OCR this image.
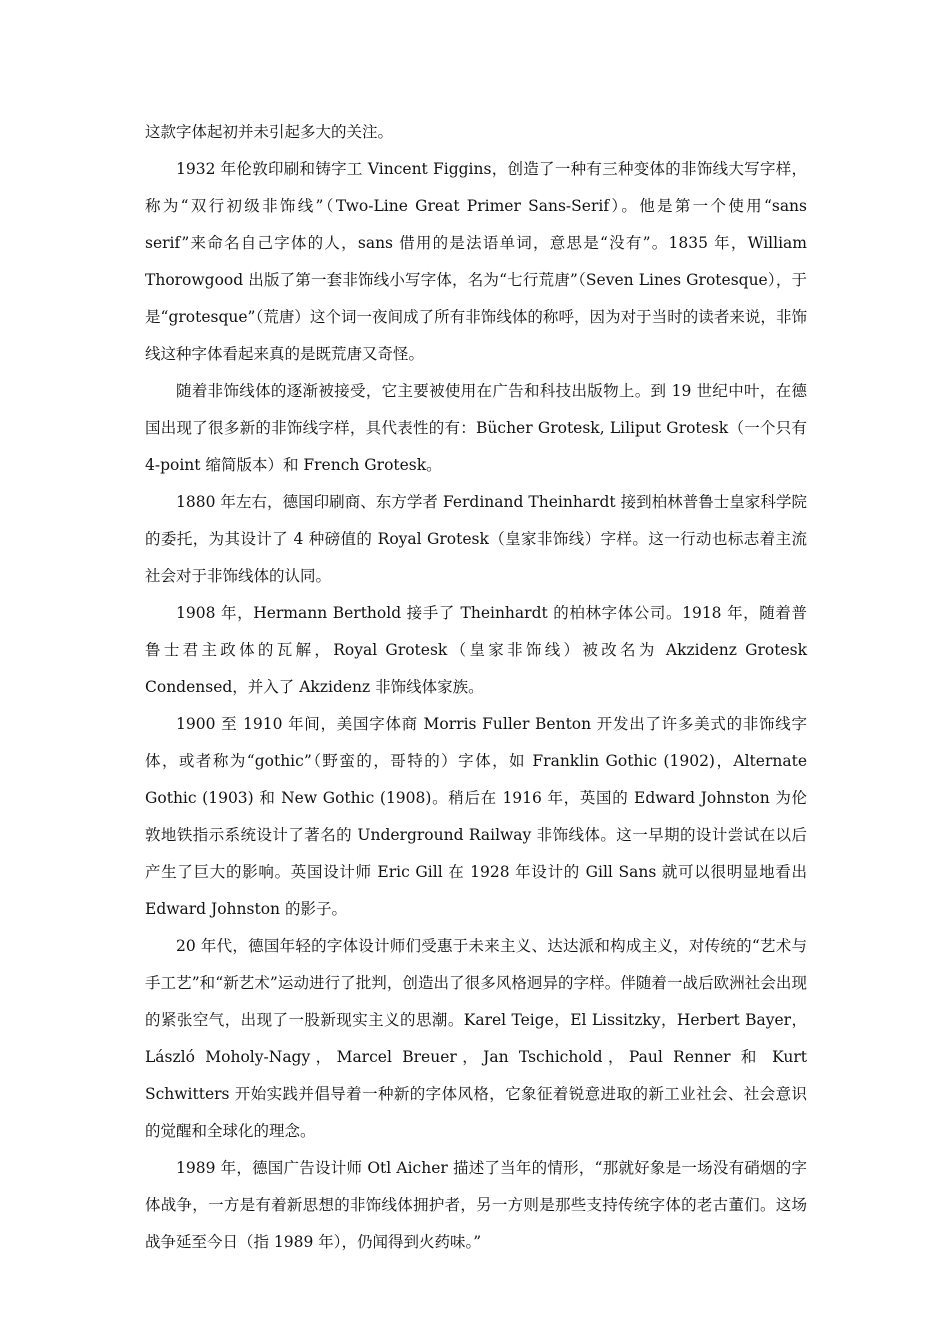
这款字体起初并未引起多大的关注。

1932 年伦敦印刷和铸字工 Vincent Figgins，创造了一种有三种变体的非饰线大写字样，称为“双行初级非饰线”（Two-Line Great Primer Sans-Serif）。他是第一个使用“sans serif”来命名自己字体的人，sans 借用的是法语单词，意思是“没有”。1835 年，William Thorowgood 出版了第一套非饰线小写字体，名为“七行荒唐”（Seven Lines Grotesque），于是“grotesque”（荒唐）这个词一夜间成了所有非饰线体的称呼，因为对于当时的读者来说，非饰线这种字体看起来真的是既荒唐又奇怪。

随着非饰线体的逐渐被接受，它主要被使用在广告和科技出版物上。到 19 世纪中叶，在德国出现了很多新的非饰线字样，具代表性的有：Bücher Grotesk, Liliput Grotesk（一个只有 4-point 缩简版本）和 French Grotesk。

1880 年左右，德国印刷商、东方学者 Ferdinand Theinhardt 接到柏林普鲁士皇家科学院的委托，为其设计了 4 种磅值的 Royal Grotesk（皇家非饰线）字样。这一行动也标志着主流社会对于非饰线体的认同。

1908 年，Hermann Berthold 接手了 Theinhardt 的柏林字体公司。1918 年，随着普鲁士君主政体的瓦解，Royal Grotesk（皇家非饰线）被改名为 Akzidenz Grotesk Condensed，并入了 Akzidenz 非饰线体家族。

1900 至 1910 年间，美国字体商 Morris Fuller Benton 开发出了许多美式的非饰线字体，或者称为“gothic”（野蛮的，哥特的）字体，如 Franklin Gothic (1902)，Alternate Gothic (1903) 和 New Gothic (1908)。稍后在 1916 年，英国的 Edward Johnston 为伦敦地铁指示系统设计了著名的 Underground Railway 非饰线体。这一早期的设计尝试在以后产生了巨大的影响。英国设计师 Eric Gill 在 1928 年设计的 Gill Sans 就可以很明显地看出 Edward Johnston 的影子。

20 年代，德国年轻的字体设计师们受惠于未来主义、达达派和构成主义，对传统的“艺术与手工艺”和“新艺术”运动进行了批判，创造出了很多风格迥异的字样。伴随着一战后欧洲社会出现的紧张空气，出现了一股新现实主义的思潮。Karel Teige，El Lissitzky，Herbert Bayer，László Moholy-Nagy，Marcel Breuer，Jan Tschichold，Paul Renner 和 Kurt Schwitters 开始实践并倡导着一种新的字体风格，它象征着锐意进取的新工业社会、社会意识的觉醒和全球化的理念。

1989 年，德国广告设计师 Otl Aicher 描述了当年的情形，“那就好象是一场没有硝烟的字体战争，一方是有着新思想的非饰线体拥护者，另一方则是那些支持传统字体的老古董们。这场战争延至今日（指 1989 年），仍闻得到火药味。”
